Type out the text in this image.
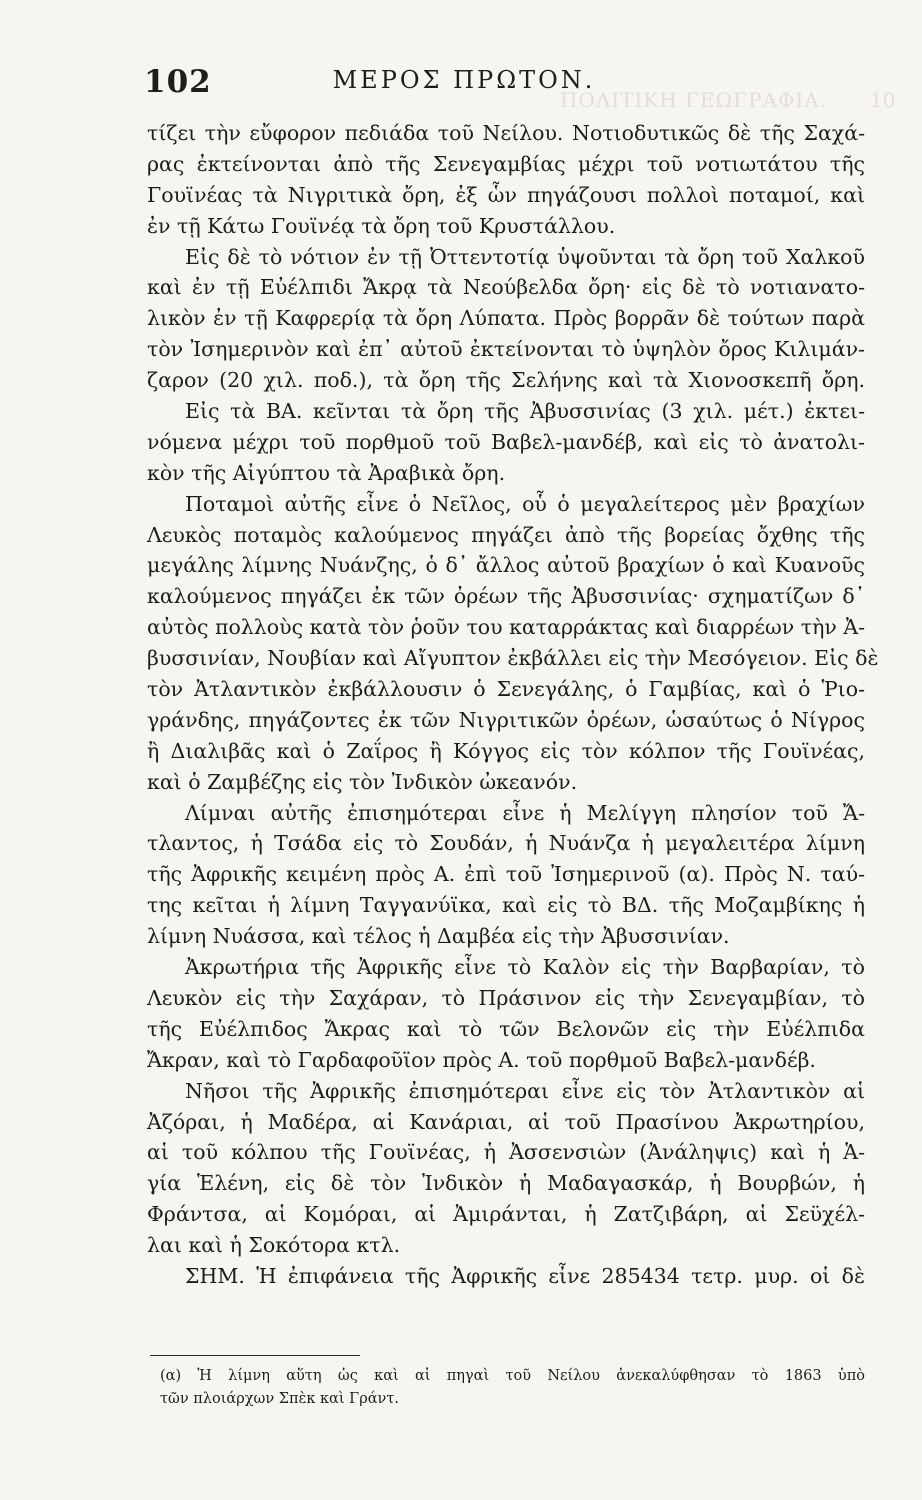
ΠΟΛΙΤΙΚΗ ΓΕΩΓΡΑΦΙΑ. 10
102	ΜΕΡΟΣ ΠΡΩΤΟΝ.
τίζει τὴν εὔφορον πεδιάδα τοῦ Νείλου. Νοτιοδυτικῶς δὲ τῆς Σαχά-
ρας ἐκτείνονται ἀπὸ τῆς Σενεγαμβίας μέχρι τοῦ νοτιωτάτου τῆς
Γουϊνέας τὰ Νιγριτικὰ ὄρη, ἐξ ὧν πηγάζουσι πολλοὶ ποταμοί, καὶ
ἐν τῇ Κάτω Γουϊνέᾳ τὰ ὄρη τοῦ Κρυστάλλου.
Εἰς δὲ τὸ νότιον ἐν τῇ Ὀττεντοτίᾳ ὑψοῦνται τὰ ὄρη τοῦ Χαλκοῦ
καὶ ἐν τῇ Εὐέλπιδι Ἄκρᾳ τὰ Νεούβελδα ὄρη· εἰς δὲ τὸ νοτιανατο-
λικὸν ἐν τῇ Καφρερίᾳ τὰ ὄρη Λύπατα. Πρὸς βορρᾶν δὲ τούτων παρὰ
τὸν Ἰσημερινὸν καὶ ἐπ᾽ αὐτοῦ ἐκτείνονται τὸ ὑψηλὸν ὄρος Κιλιμάν-
ζαρον (20 χιλ. ποδ.), τὰ ὄρη τῆς Σελήνης καὶ τὰ Χιονοσκεπῆ ὄρη.
Εἰς τὰ ΒΑ. κεῖνται τὰ ὄρη τῆς Ἀβυσσινίας (3 χιλ. μέτ.) ἐκτει-
νόμενα μέχρι τοῦ πορθμοῦ τοῦ Βαβελ-μανδέβ, καὶ εἰς τὸ ἀνατολι-
κὸν τῆς Αἰγύπτου τὰ Ἀραβικὰ ὄρη.
Ποταμοὶ αὐτῆς εἶνε ὁ Νεῖλος, οὗ ὁ μεγαλείτερος μὲν βραχίων
Λευκὸς ποταμὸς καλούμενος πηγάζει ἀπὸ τῆς βορείας ὄχθης τῆς
μεγάλης λίμνης Νυάνζης, ὁ δ᾽ ἄλλος αὐτοῦ βραχίων ὁ καὶ Κυανοῦς
καλούμενος πηγάζει ἐκ τῶν ὀρέων τῆς Ἀβυσσινίας· σχηματίζων δ᾽
αὐτὸς πολλοὺς κατὰ τὸν ῥοῦν του καταρράκτας καὶ διαρρέων τὴν Ἀ-
βυσσινίαν, Νουβίαν καὶ Αἴγυπτον ἐκβάλλει εἰς τὴν Μεσόγειον. Εἰς δὲ
τὸν Ἀτλαντικὸν ἐκβάλλουσιν ὁ Σενεγάλης, ὁ Γαμβίας, καὶ ὁ Ῥιο-
γράνδης, πηγάζοντες ἐκ τῶν Νιγριτικῶν ὀρέων, ὡσαύτως ὁ Νίγρος
ἢ Διαλιβᾶς καὶ ὁ Ζαΐρος ἢ Κόγγος εἰς τὸν κόλπον τῆς Γουϊνέας,
καὶ ὁ Ζαμβέζης εἰς τὸν Ἰνδικὸν ὠκεανόν.
Λίμναι αὐτῆς ἐπισημότεραι εἶνε ἡ Μελίγγη πλησίον τοῦ Ἄ-
τλαντος, ἡ Τσάδα εἰς τὸ Σουδάν, ἡ Νυάνζα ἡ μεγαλειτέρα λίμνη
τῆς Ἀφρικῆς κειμένη πρὸς Α. ἐπὶ τοῦ Ἰσημερινοῦ (α). Πρὸς Ν. ταύ-
της κεῖται ἡ λίμνη Ταγγανύϊκα, καὶ εἰς τὸ ΒΔ. τῆς Μοζαμβίκης ἡ
λίμνη Νυάσσα, καὶ τέλος ἡ Δαμβέα εἰς τὴν Ἀβυσσινίαν.
Ἀκρωτήρια τῆς Ἀφρικῆς εἶνε τὸ Καλὸν εἰς τὴν Βαρβαρίαν, τὸ
Λευκὸν εἰς τὴν Σαχάραν, τὸ Πράσινον εἰς τὴν Σενεγαμβίαν, τὸ
τῆς Εὐέλπιδος Ἄκρας καὶ τὸ τῶν Βελονῶν εἰς τὴν Εὐέλπιδα
Ἄκραν, καὶ τὸ Γαρδαφοῦϊον πρὸς Α. τοῦ πορθμοῦ Βαβελ-μανδέβ.
Νῆσοι τῆς Ἀφρικῆς ἐπισημότεραι εἶνε εἰς τὸν Ἀτλαντικὸν αἱ
Ἀζόραι, ἡ Μαδέρα, αἱ Κανάριαι, αἱ τοῦ Πρασίνου Ἀκρωτηρίου,
αἱ τοῦ κόλπου τῆς Γουϊνέας, ἡ Ἀσσενσιὼν (Ἀνάληψις) καὶ ἡ Ἁ-
γία Ἑλένη, εἰς δὲ τὸν Ἰνδικὸν ἡ Μαδαγασκάρ, ἡ Βουρβών, ἡ
Φράντσα, αἱ Κομόραι, αἱ Ἀμιράνται, ἡ Ζατζιβάρη, αἱ Σεϋχέλ-
λαι καὶ ἡ Σοκότορα κτλ.
ΣΗΜ. Ἡ ἐπιφάνεια τῆς Ἀφρικῆς εἶνε 285434 τετρ. μυρ. οἱ δὲ
(α) Ἡ λίμνη αὕτη ὡς καὶ αἱ πηγαὶ τοῦ Νείλου ἀνεκαλύφθησαν τὸ 1863 ὑπὸ
τῶν πλοιάρχων Σπὲκ καὶ Γράντ.
